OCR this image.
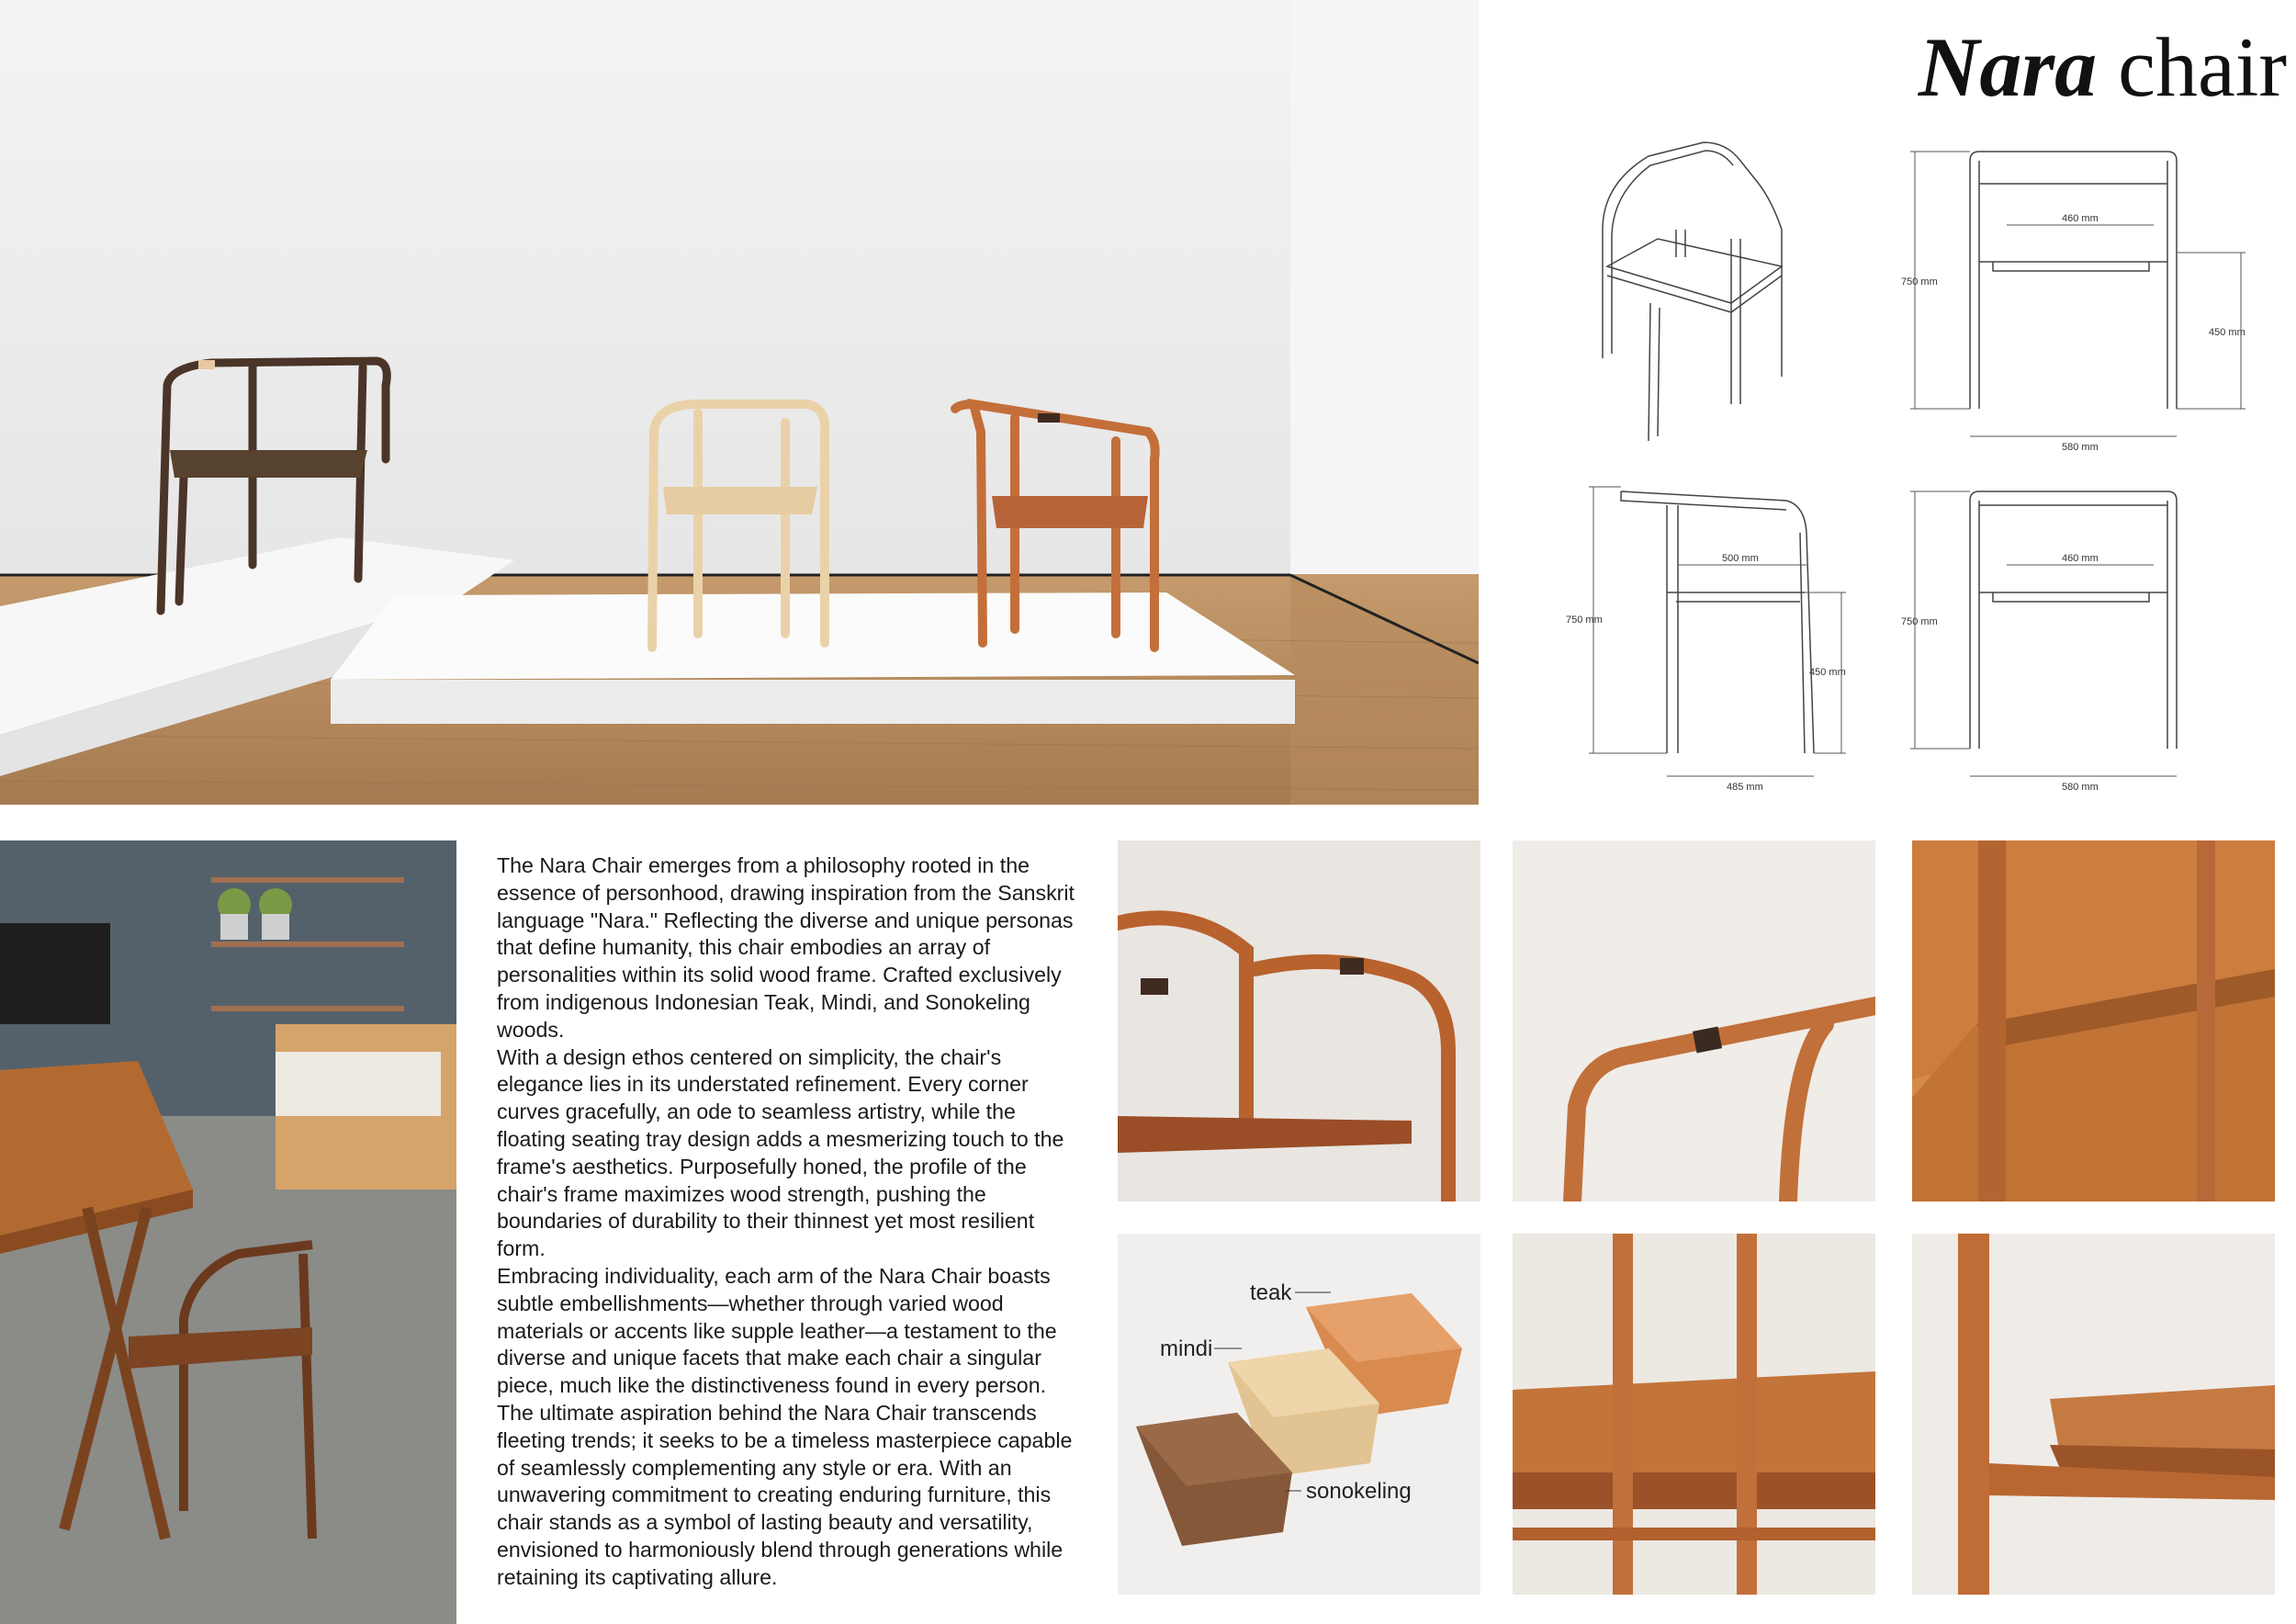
Nara chair
750 mm
460 mm
450 mm
580 mm
750 mm
500 mm
450 mm
485 mm
750 mm
460 mm
580 mm

The Nara Chair emerges from a philosophy rooted in the essence of personhood, drawing inspiration from the Sanskrit language "Nara." Reflecting the diverse and unique personas that define humanity, this chair embodies an array of personalities within its solid wood frame. Crafted exclusively from indigenous Indonesian Teak, Mindi, and Sonokeling woods.

With a design ethos centered on simplicity, the chair's elegance lies in its understated refinement. Every corner curves gracefully, an ode to seamless artistry, while the floating seating tray design adds a mesmerizing touch to the frame's aesthetics. Purposefully honed, the profile of the chair's frame maximizes wood strength, pushing the boundaries of durability to their thinnest yet most resilient form.

Embracing individuality, each arm of the Nara Chair boasts subtle embellishments—whether through varied wood materials or accents like supple leather—a testament to the diverse and unique facets that make each chair a singular piece, much like the distinctiveness found in every person.

The ultimate aspiration behind the Nara Chair transcends fleeting trends; it seeks to be a timeless masterpiece capable of seamlessly complementing any style or era. With an unwavering commitment to creating enduring furniture, this chair stands as a symbol of lasting beauty and versatility, envisioned to harmoniously blend through generations while retaining its captivating allure.

teak
mindi
sonokeling
